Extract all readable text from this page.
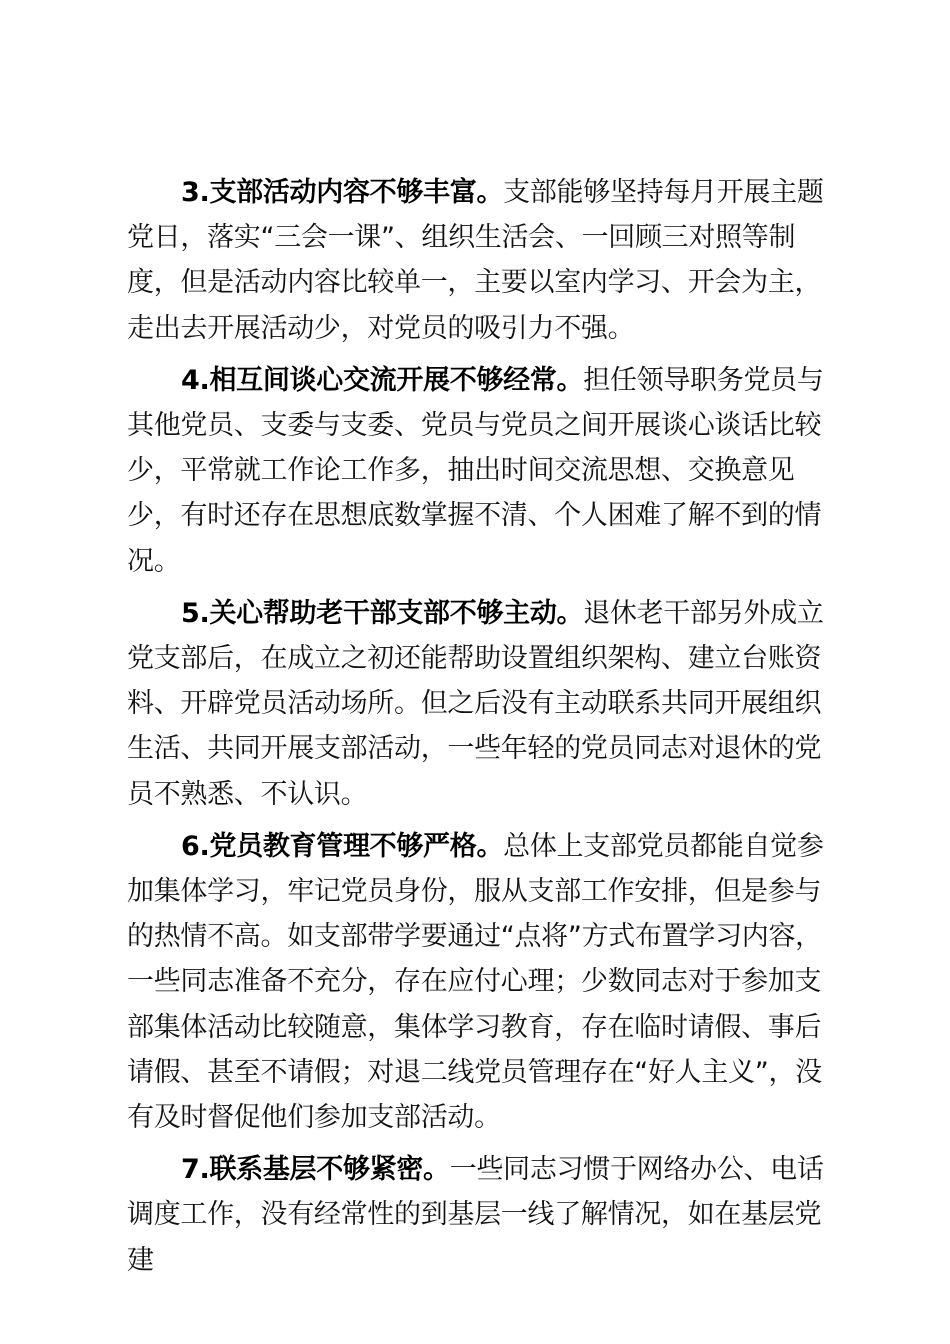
3.支部活动内容不够丰富。支部能够坚持每月开展主题党日，落实“三会一课”、组织生活会、一回顾三对照等制度，但是活动内容比较单一，主要以室内学习、开会为主，走出去开展活动少，对党员的吸引力不强。

4.相互间谈心交流开展不够经常。担任领导职务党员与其他党员、支委与支委、党员与党员之间开展谈心谈话比较少，平常就工作论工作多，抽出时间交流思想、交换意见少，有时还存在思想底数掌握不清、个人困难了解不到的情况。

5.关心帮助老干部支部不够主动。退休老干部另外成立党支部后，在成立之初还能帮助设置组织架构、建立台账资料、开辟党员活动场所。但之后没有主动联系共同开展组织生活、共同开展支部活动，一些年轻的党员同志对退休的党员不熟悉、不认识。

6.党员教育管理不够严格。总体上支部党员都能自觉参加集体学习，牢记党员身份，服从支部工作安排，但是参与的热情不高。如支部带学要通过“点将”方式布置学习内容，一些同志准备不充分，存在应付心理；少数同志对于参加支部集体活动比较随意，集体学习教育，存在临时请假、事后请假、甚至不请假；对退二线党员管理存在“好人主义”，没有及时督促他们参加支部活动。

7.联系基层不够紧密。一些同志习惯于网络办公、电话调度工作，没有经常性的到基层一线了解情况，如在基层党建
